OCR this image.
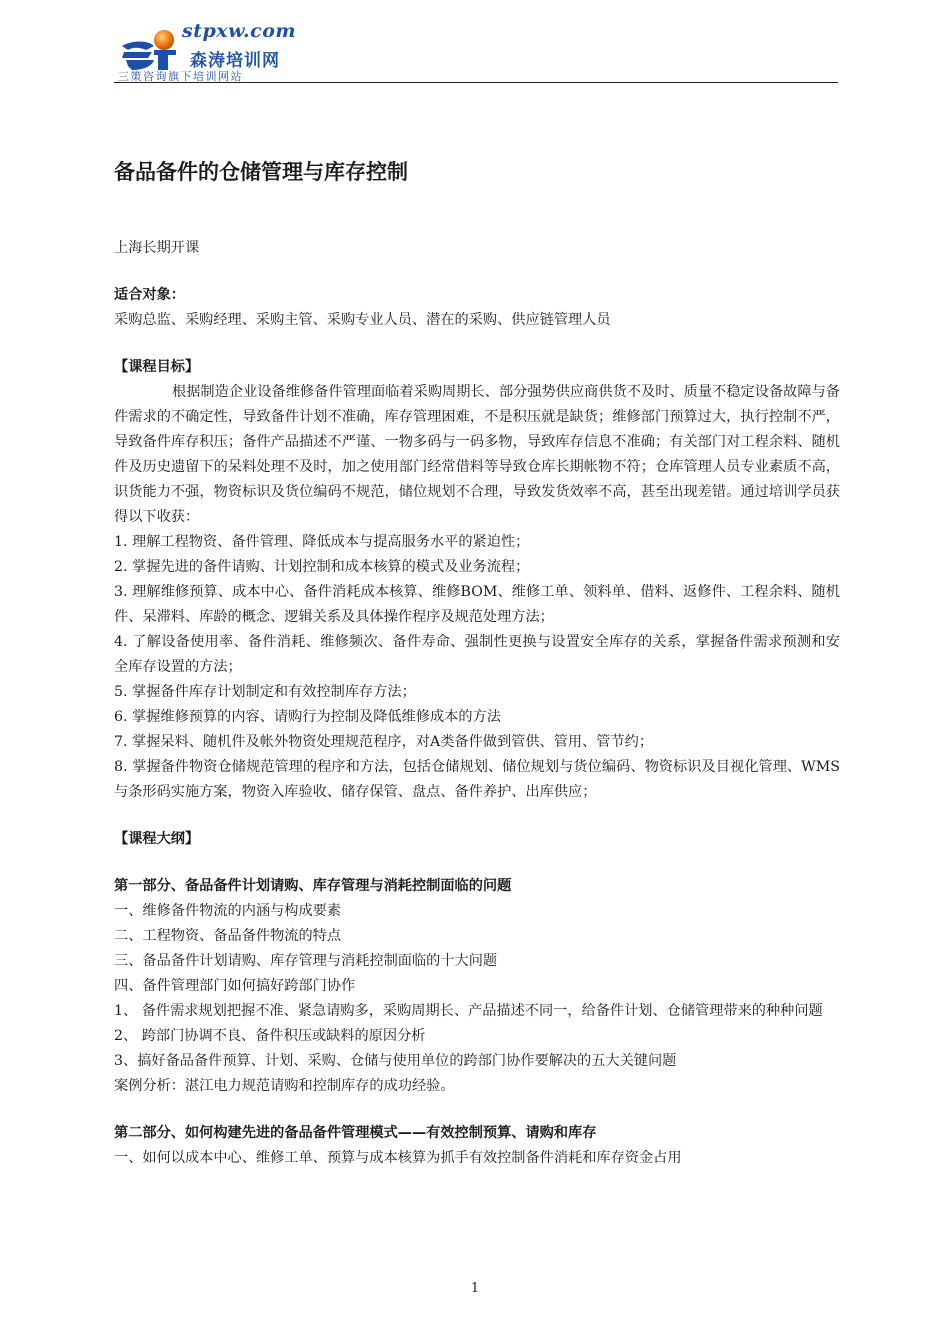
stpxw.com
森涛培训网
三策咨询旗下培训网站
备品备件的仓储管理与库存控制

上海长期开课

适合对象：

采购总监、采购经理、采购主管、采购专业人员、潜在的采购、供应链管理人员

【课程目标】

根据制造企业设备维修备件管理面临着采购周期长、部分强势供应商供货不及时、质量不稳定设备故障与备件需求的不确定性，导致备件计划不准确，库存管理困难，不是积压就是缺货；维修部门预算过大，执行控制不严，导致备件库存积压；备件产品描述不严谨、一物多码与一码多物，导致库存信息不准确；有关部门对工程余料、随机件及历史遗留下的呆料处理不及时，加之使用部门经常借料等导致仓库长期帐物不符；仓库管理人员专业素质不高，识货能力不强，物资标识及货位编码不规范，储位规划不合理，导致发货效率不高，甚至出现差错。通过培训学员获得以下收获：

1. 理解工程物资、备件管理、降低成本与提高服务水平的紧迫性；

2. 掌握先进的备件请购、计划控制和成本核算的模式及业务流程；

3. 理解维修预算、成本中心、备件消耗成本核算、维修BOM、维修工单、领料单、借料、返修件、工程余料、随机件、呆滞料、库龄的概念、逻辑关系及具体操作程序及规范处理方法；

4. 了解设备使用率、备件消耗、维修频次、备件寿命、强制性更换与设置安全库存的关系，掌握备件需求预测和安全库存设置的方法；

5. 掌握备件库存计划制定和有效控制库存方法；

6. 掌握维修预算的内容、请购行为控制及降低维修成本的方法

7. 掌握呆料、随机件及帐外物资处理规范程序，对A类备件做到管供、管用、管节约；

8. 掌握备件物资仓储规范管理的程序和方法，包括仓储规划、储位规划与货位编码、物资标识及目视化管理、WMS与条形码实施方案，物资入库验收、储存保管、盘点、备件养护、出库供应；

【课程大纲】

第一部分、备品备件计划请购、库存管理与消耗控制面临的问题

一、维修备件物流的内涵与构成要素

二、工程物资、备品备件物流的特点

三、备品备件计划请购、库存管理与消耗控制面临的十大问题

四、备件管理部门如何搞好跨部门协作

1、 备件需求规划把握不准、紧急请购多，采购周期长、产品描述不同一，给备件计划、仓储管理带来的种种问题

2、 跨部门协调不良、备件积压或缺料的原因分析

3、搞好备品备件预算、计划、采购、仓储与使用单位的跨部门协作要解决的五大关键问题

案例分析：湛江电力规范请购和控制库存的成功经验。

第二部分、如何构建先进的备品备件管理模式——有效控制预算、请购和库存

一、如何以成本中心、维修工单、预算与成本核算为抓手有效控制备件消耗和库存资金占用

1
